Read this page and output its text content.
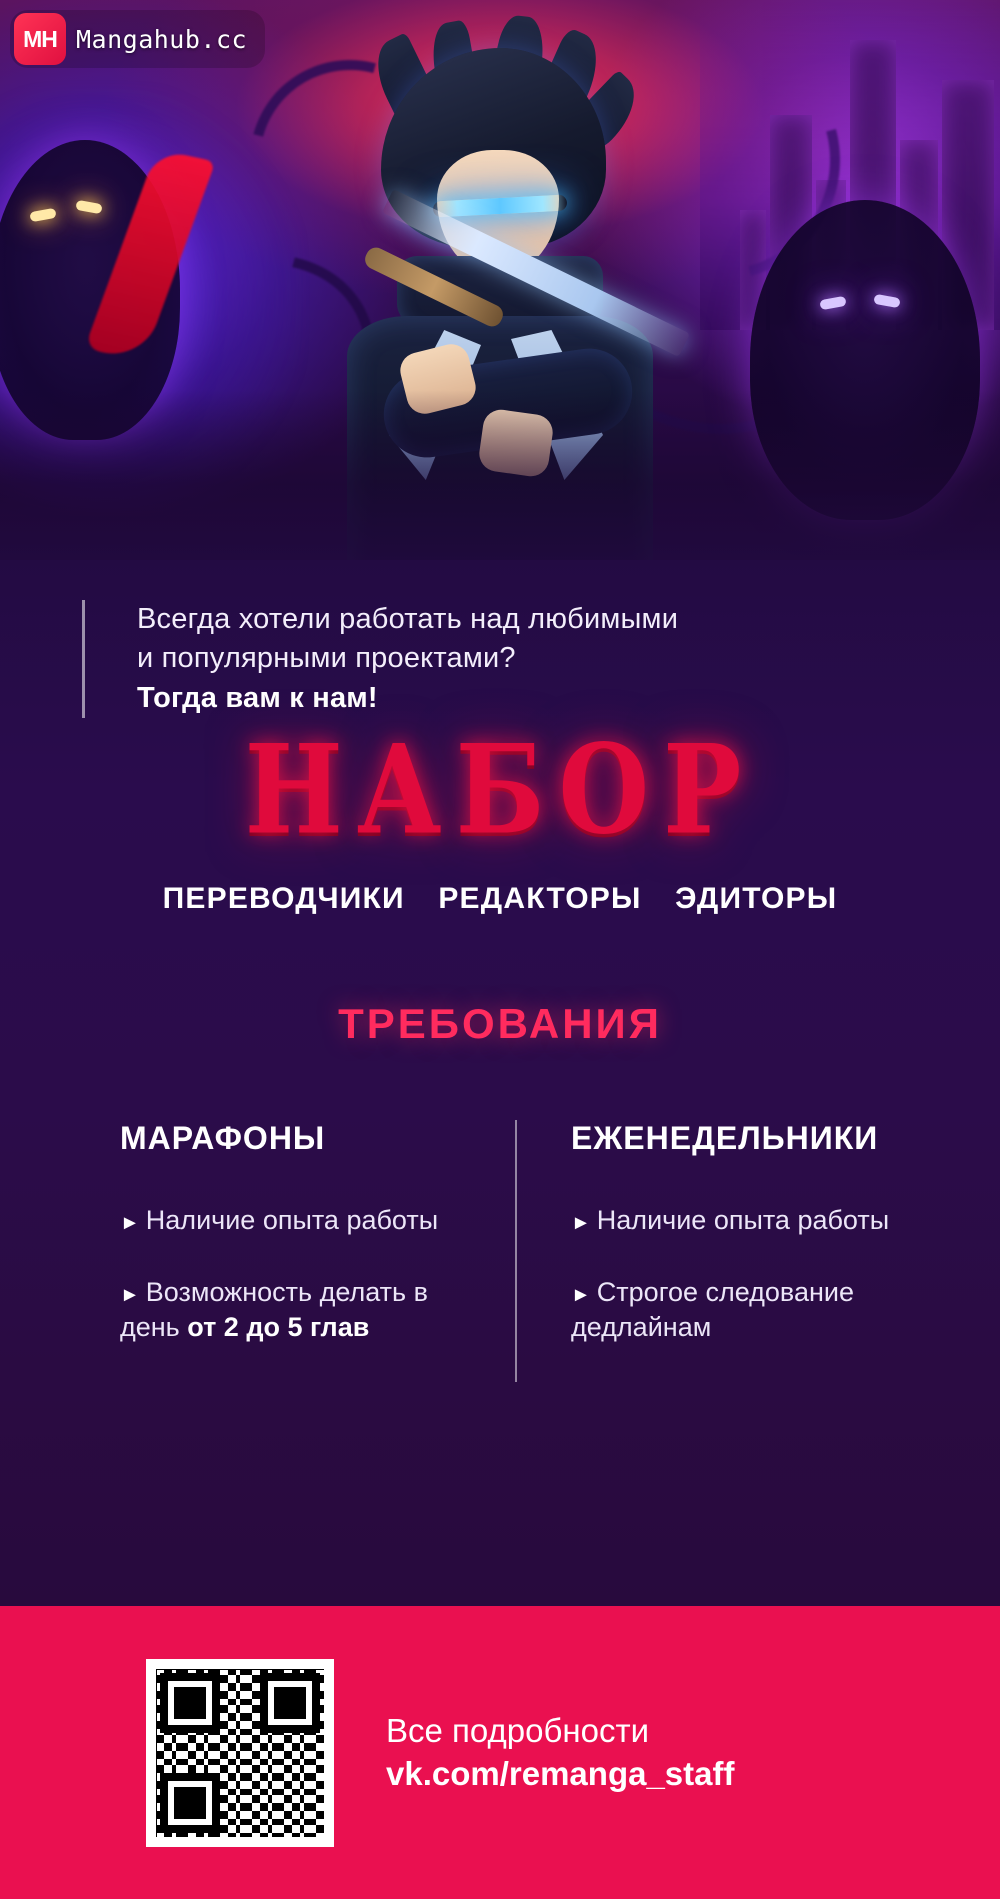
MH Mangahub.cc

Всегда хотели работать над любимыми

и популярными проектами?

Тогда вам к нам!

НАБОР
ПЕРЕВОДЧИКИ РЕДАКТОРЫ ЭДИТОРЫ
ТРЕБОВАНИЯ
МАРАФОНЫ
► Наличие опыта работы
► Возможность делать в день от 2 до 5 глав
ЕЖЕНЕДЕЛЬНИКИ
► Наличие опыта работы
► Строгое следование дедлайнам
Все подробности
vk.com/remanga_staff
